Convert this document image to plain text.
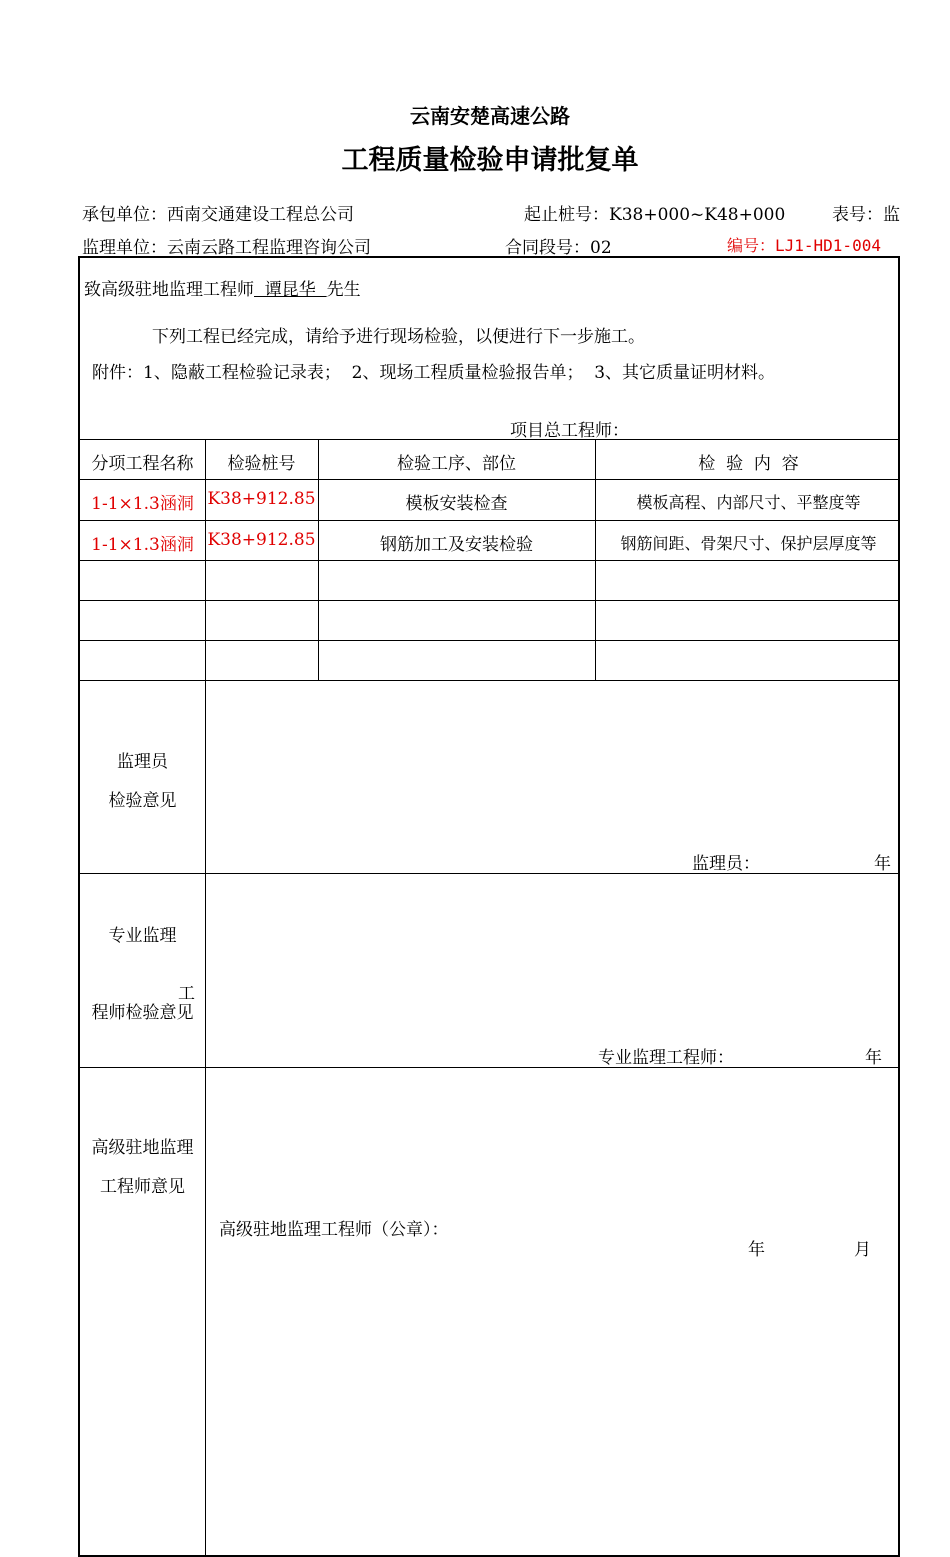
云南安楚高速公路
工程质量检验申请批复单
承包单位：西南交通建设工程总公司	起止桩号：K38+000~K48+000	表号：监
监理单位：云南云路工程监理咨询公司	合同段号：02	编号：LJ1-HD1-004
致高级驻地监理工程师  谭昆华  先生
下列工程已经完成，请给予进行现场检验，以便进行下一步施工。
附件：1、隐蔽工程检验记录表；  2、现场工程质量检验报告单；  3、其它质量证明材料。
项目总工程师：
分项工程名称	检验桩号	检验工序、部位	检  验  内  容
1-1×1.3涵洞 K38+912.85	模板安装检查	模板高程、内部尺寸、平整度等
1-1×1.3涵洞 K38+912.85	钢筋加工及安装检验	钢筋间距、骨架尺寸、保护层厚度等
监理员
检验意见
监理员：	年
专业监理
工
程师检验意见
专业监理工程师：	年
高级驻地监理
工程师意见
高级驻地监理工程师（公章）：
年	月
